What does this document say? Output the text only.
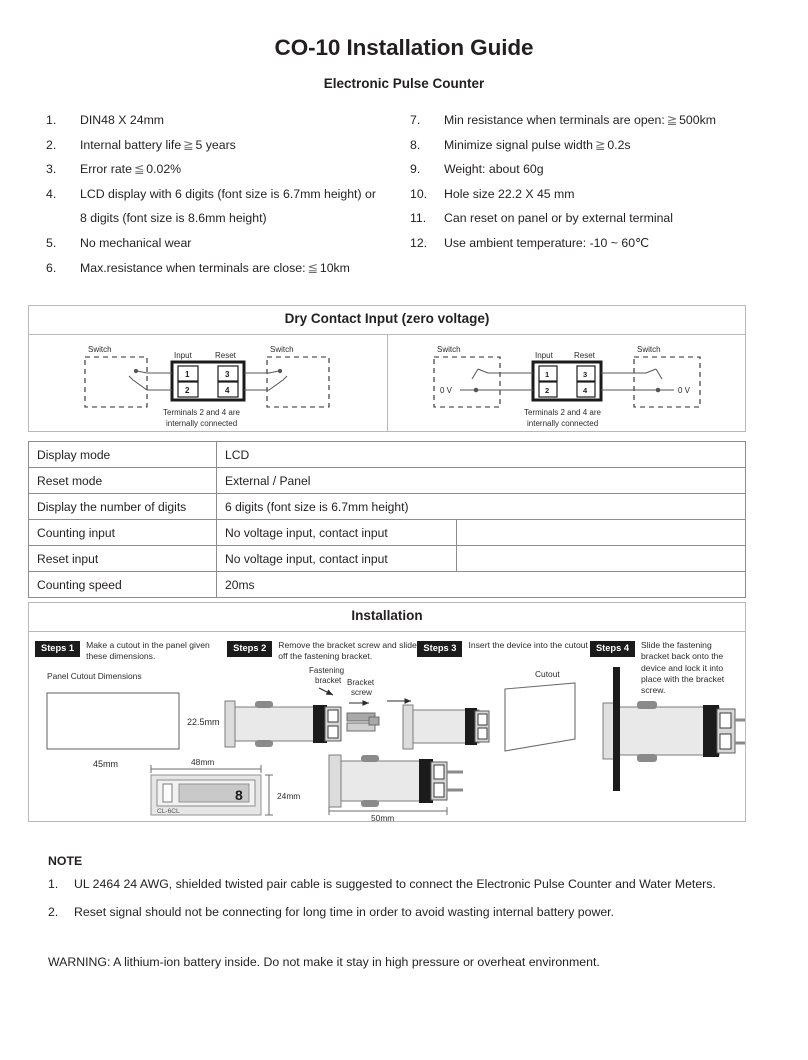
CO-10 Installation Guide
Electronic Pulse Counter
1.	DIN48 X 24mm
2.	Internal battery life ≧ 5 years
3.	Error rate ≦ 0.02%
4.	LCD display with 6 digits (font size is 6.7mm height) or
8 digits (font size is 8.6mm height)
5.	No mechanical wear
6.	Max.resistance when terminals are close: ≦ 10km
7.	Min resistance when terminals are open: ≧ 500km
8.	Minimize signal pulse width ≧ 0.2s
9.	Weight: about 60g
10.	Hole size 22.2 X 45 mm
11.	Can reset on panel or by external terminal
12.	Use ambient temperature: -10 ~ 60℃
Dry Contact Input (zero voltage)
Switch	Switch
1
2
3
4
Input	Reset
Terminals 2 and 4 are
internally connected
Switch	Switch
1
2
3
4
Input	Reset
0 V	0 V
Terminals 2 and 4 are
internally connected
Display mode	LCD	
Reset mode	External / Panel	
Display the number of digits	6 digits (font size is 6.7mm height)	
Counting input	No voltage input, contact input	
Reset input	No voltage input, contact input	
Counting speed	20ms	
Installation
Steps 1	Make a cutout in the panel given these dimensions.
Steps 2	Remove the bracket screw and slide off the fastening bracket.
Steps 3	Insert the device into the cutout Steps 4	Slide the fastening bracket back onto the device and lock it into place with the bracket screw.
Panel Cutout Dimensions
45mm
22.5mm
48mm
8
CL-6CL
24mm
Fastening
bracket Bracket
screw
50mm
Cutout
NOTE
1.	UL 2464 24 AWG, shielded twisted pair cable is suggested to connect the Electronic Pulse Counter and Water Meters.
2.	Reset signal should not be connecting for long time in order to avoid wasting internal battery power.
WARNING: A lithium-ion battery inside. Do not make it stay in high pressure or overheat environment.
